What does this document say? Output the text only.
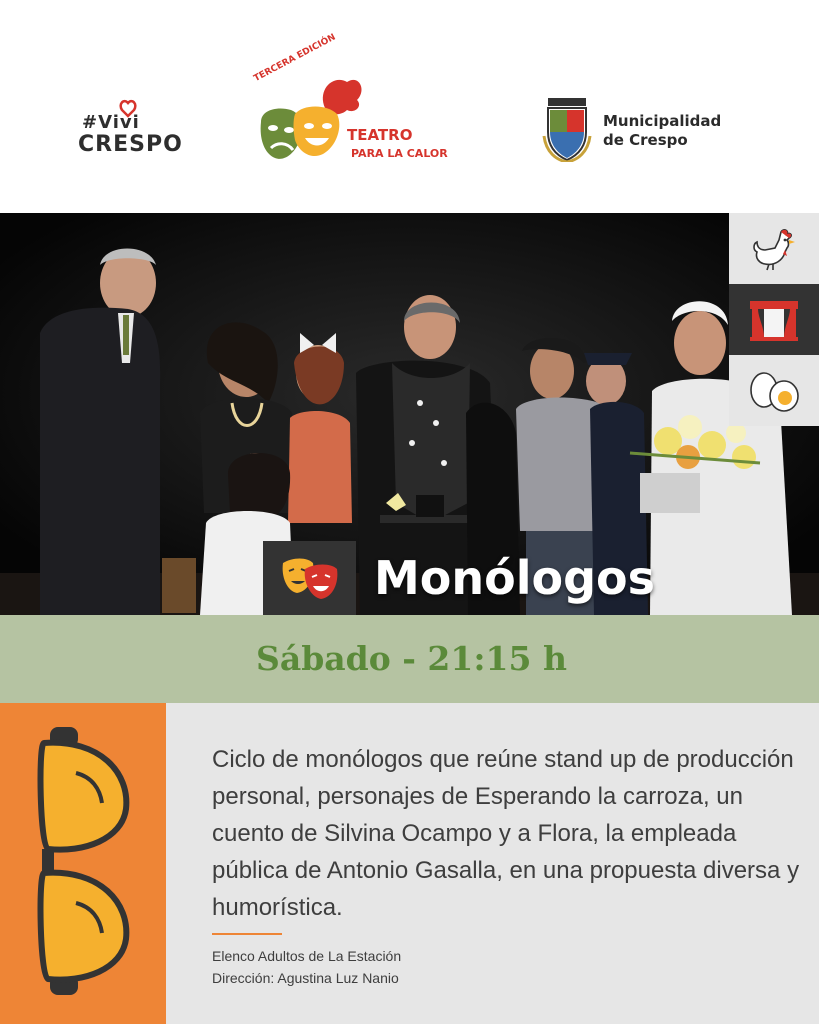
#Vivi
CRESPO
TERCERA EDICIÓN
TEATRO
PARA LA CALOR
Municipalidad
de Crespo
Monólogos
Sábado - 21:15 h

Ciclo de monólogos que reúne stand up de producción personal, personajes de Esperando la carroza, un cuento de Silvina Ocampo y a Flora, la empleada pública de Antonio Gasalla, en una propuesta diversa y humorística.

Elenco Adultos de La Estación
Dirección: Agustina Luz Nanio
